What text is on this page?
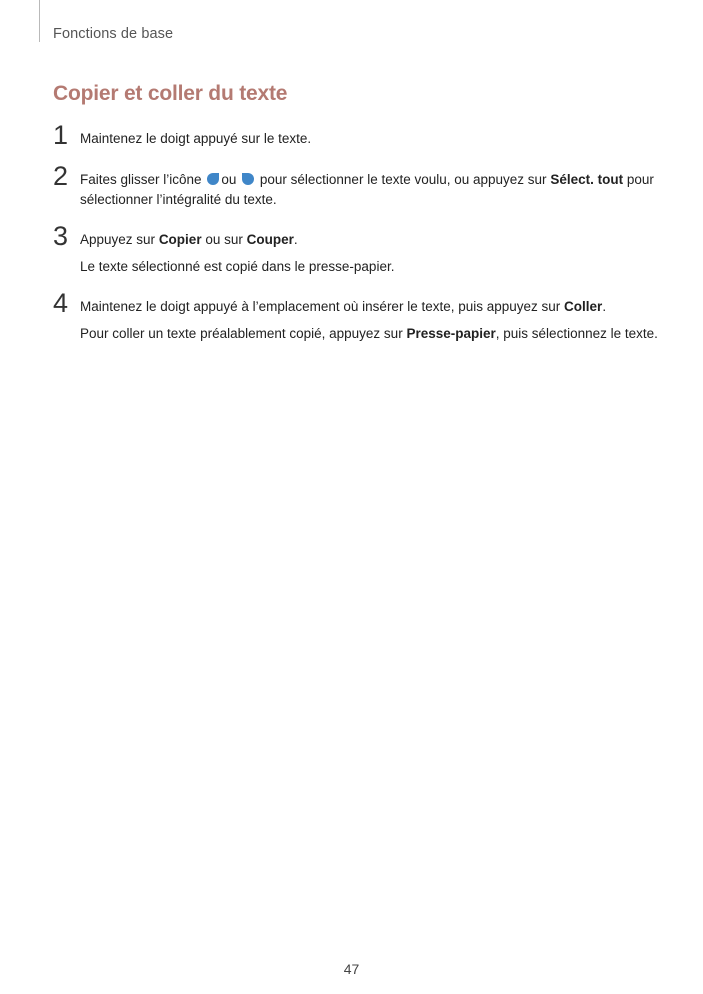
Fonctions de base
Copier et coller du texte
1 Maintenez le doigt appuyé sur le texte.
2 Faites glisser l’icône ou pour sélectionner le texte voulu, ou appuyez sur Sélect. tout pour sélectionner l’intégralité du texte.
3 Appuyez sur Copier ou sur Couper.
Le texte sélectionné est copié dans le presse-papier.
4 Maintenez le doigt appuyé à l’emplacement où insérer le texte, puis appuyez sur Coller.
Pour coller un texte préalablement copié, appuyez sur Presse-papier, puis sélectionnez le texte.
47
